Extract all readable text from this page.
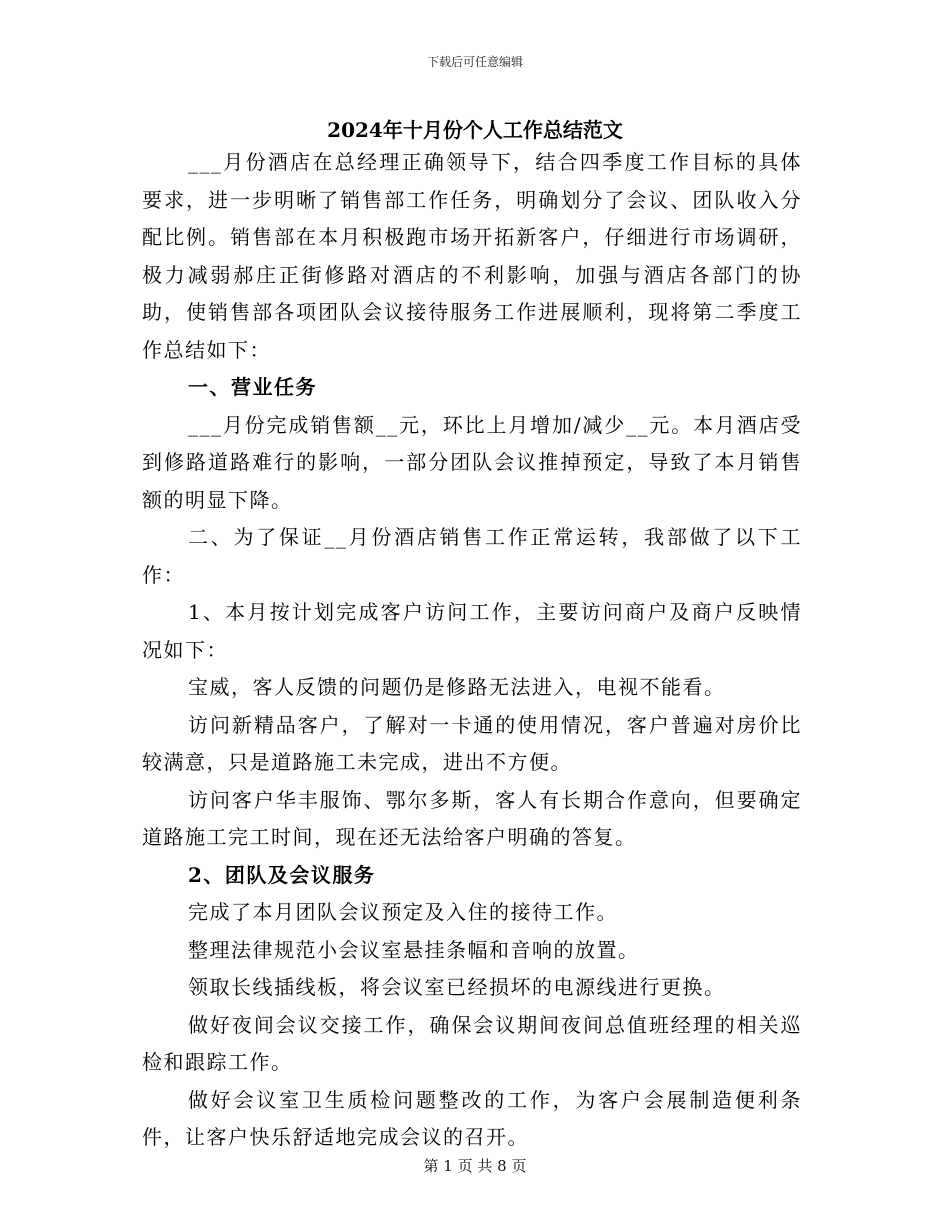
下载后可任意编辑
2024年十月份个人工作总结范文

___月份酒店在总经理正确领导下，结合四季度工作目标的具体要求，进一步明晰了销售部工作任务，明确划分了会议、团队收入分配比例。销售部在本月积极跑市场开拓新客户，仔细进行市场调研，极力减弱郝庄正街修路对酒店的不利影响，加强与酒店各部门的协助，使销售部各项团队会议接待服务工作进展顺利，现将第二季度工作总结如下：

一、营业任务

___月份完成销售额__元，环比上月增加/减少__元。本月酒店受到修路道路难行的影响，一部分团队会议推掉预定，导致了本月销售额的明显下降。

二、为了保证__月份酒店销售工作正常运转，我部做了以下工作：

1、本月按计划完成客户访问工作，主要访问商户及商户反映情况如下：

宝威，客人反馈的问题仍是修路无法进入，电视不能看。

访问新精品客户，了解对一卡通的使用情况，客户普遍对房价比较满意，只是道路施工未完成，进出不方便。

访问客户华丰服饰、鄂尔多斯，客人有长期合作意向，但要确定道路施工完工时间，现在还无法给客户明确的答复。

2、团队及会议服务

完成了本月团队会议预定及入住的接待工作。

整理法律规范小会议室悬挂条幅和音响的放置。

领取长线插线板，将会议室已经损坏的电源线进行更换。

做好夜间会议交接工作，确保会议期间夜间总值班经理的相关巡检和跟踪工作。

做好会议室卫生质检问题整改的工作，为客户会展制造便利条件，让客户快乐舒适地完成会议的召开。

第 1 页 共 8 页
